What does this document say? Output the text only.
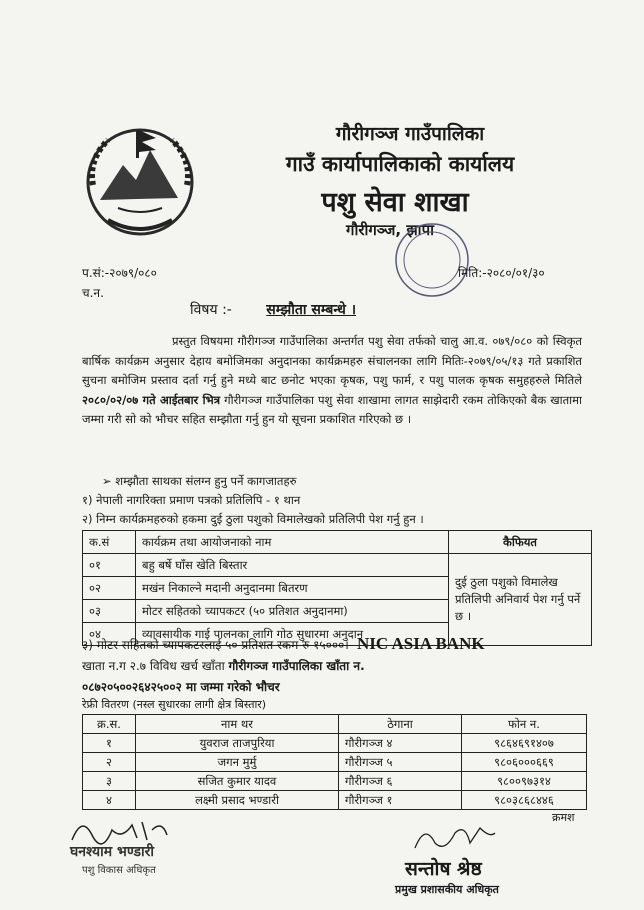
गौरीगञ्ज गाउँपालिका
गाउँ कार्यापालिकाको कार्यालय
पशु सेवा शाखा
गौरीगञ्ज, झापा
प.सं:-२०७९/०८०
च.न.
मिति:-२०८०/०१/३०
विषय :- सम्झौता सम्बन्धे ।

प्रस्तुत विषयमा गौरीगञ्ज गाउँपालिका अन्तर्गत पशु सेवा तर्फको चालु आ.व. ०७९/०८० को स्विकृत बार्षिक कार्यक्रम अनुसार देहाय बमोजिमका अनुदानका कार्यक्रमहरु संचालनका लागि मितिः-२०७९/०५/१३ गते प्रकाशित सुचना बमोजिम प्रस्ताव दर्ता गर्नु हुने मध्ये बाट छनोट भएका कृषक, पशु फार्म, र पशु पालक कृषक समुहहरुले मितिले २०८०/०२/०७ गते आईतबार भित्र गौरीगञ्ज गाउँपालिका पशु सेवा शाखामा लागत साझेदारी रकम तोकिएको बैक खातामा जम्मा गरी सो को भौचर सहित सम्झौता गर्नु हुन यो सूचना प्रकाशित गरिएको छ ।

➢ शम्झौता साथका संलग्न हुनु पर्ने कागजातहरु
१) नेपाली नागरिक्ता प्रमाण पत्रको प्रतिलिपि - १ थान
२) निम्न कार्यक्रमहरुको हकमा दुई ठुला पशुको विमालेखको प्रतिलिपी पेश गर्नु हुन ।
क.सं	कार्यक्रम तथा आयोजनाको नाम	कैफियत
०१	बहु बर्षे घाँस खेति बिस्तार	दुई ठुला पशुको विमालेख प्रतिलिपी अनिवार्य पेश गर्नु पर्ने छ ।
०२	मखंन निकाल्ने मदानी अनुदानमा बितरण	
०३	मोटर सहितको च्यापकटर (५० प्रतिशत अनुदानमा)	
०४	व्यावसायीक गाई पालनका लागि गोठ सुधारमा अनुदान	
३) मोटर सहितको च्यापकटरलाई ५० प्रतिशत रकम रु १५०००।- NIC ASIA BANK
खाता न.ग २.७ विविध खर्च खाँता गौरीगञ्ज गाउँपालिका खाँता न.
०८७२०५००२६४२५००२ मा जम्मा गरेको भौचर
रेफ्री वितरण (नस्ल सुधारका लागी क्षेत्र बिस्तार)
क्र.स.	नाम थर	ठेगाना	फोन न.
१	युवराज ताजपुरिया	गौरीगञ्ज ४	९८६४६९१४०७
२	जगन मुर्मु	गौरीगञ्ज ५	९८०६०००६६९
३	सजित कुमार यादव	गौरीगञ्ज ६	९८००९७३१४
४	लक्ष्मी प्रसाद भण्डारी	गौरीगञ्ज १	९८०३८६८४४६
क्रमश
घनश्याम भण्डारी
पशु विकास अधिकृत	सन्तोष श्रेष्ठ
प्रमुख प्रशासकीय अधिकृत
